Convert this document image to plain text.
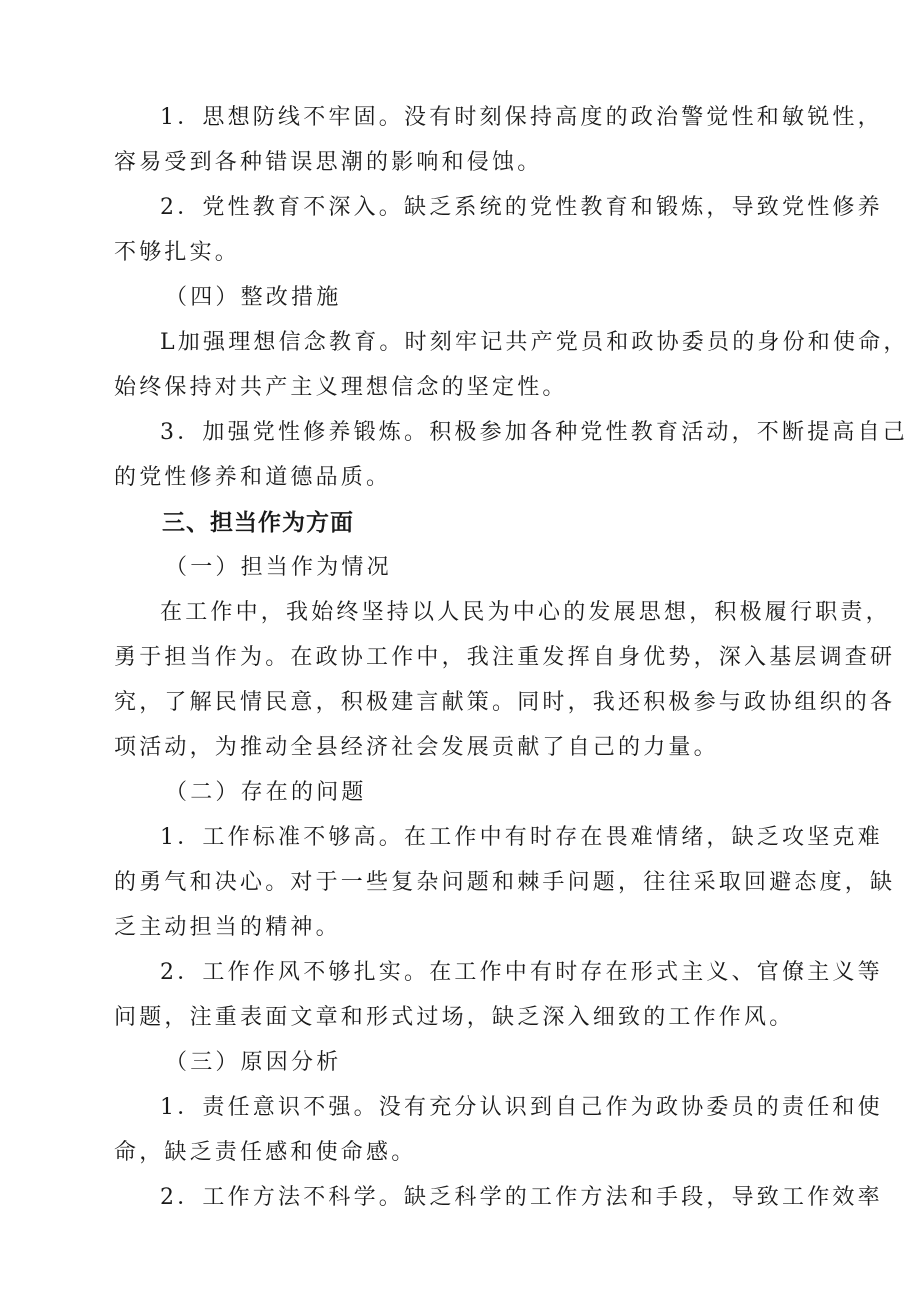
1．思想防线不牢固。没有时刻保持高度的政治警觉性和敏锐性，
容易受到各种错误思潮的影响和侵蚀。
2．党性教育不深入。缺乏系统的党性教育和锻炼，导致党性修养
不够扎实。
（四）整改措施
L加强理想信念教育。时刻牢记共产党员和政协委员的身份和使命，
始终保持对共产主义理想信念的坚定性。
3．加强党性修养锻炼。积极参加各种党性教育活动，不断提高自己
的党性修养和道德品质。
三、担当作为方面
（一）担当作为情况
在工作中，我始终坚持以人民为中心的发展思想，积极履行职责，
勇于担当作为。在政协工作中，我注重发挥自身优势，深入基层调查研
究，了解民情民意，积极建言献策。同时，我还积极参与政协组织的各
项活动，为推动全县经济社会发展贡献了自己的力量。
（二）存在的问题
1．工作标准不够高。在工作中有时存在畏难情绪，缺乏攻坚克难
的勇气和决心。对于一些复杂问题和棘手问题，往往采取回避态度，缺
乏主动担当的精神。
2．工作作风不够扎实。在工作中有时存在形式主义、官僚主义等
问题，注重表面文章和形式过场，缺乏深入细致的工作作风。
（三）原因分析
1．责任意识不强。没有充分认识到自己作为政协委员的责任和使
命，缺乏责任感和使命感。
2．工作方法不科学。缺乏科学的工作方法和手段，导致工作效率
